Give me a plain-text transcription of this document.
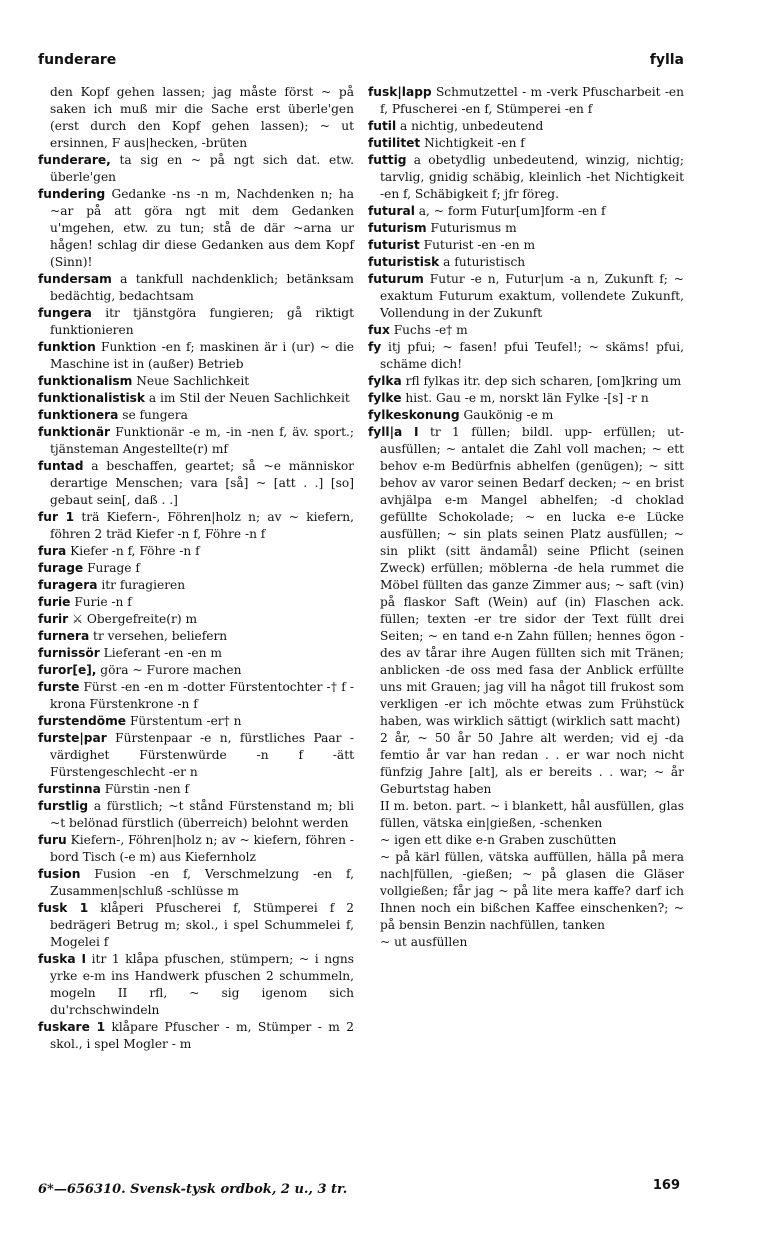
funderare	fylla

den Kopf gehen lassen; jag måste först ~ på saken ich muß mir die Sache erst überle'gen (erst durch den Kopf gehen lassen); ~ ut ersinnen, F aus|hecken, -brüten

funderare, ta sig en ~ på ngt sich dat. etw. überle'gen

fundering Gedanke -ns -n m, Nachdenken n; ha ~ar på att göra ngt mit dem Gedanken u'mgehen, etw. zu tun; stå de där ~arna ur hågen! schlag dir diese Gedanken aus dem Kopf (Sinn)!

fundersam a tankfull nachdenklich; betänksam bedächtig, bedachtsam

fungera itr tjänstgöra fungieren; gå riktigt funktionieren

funktion Funktion -en f; maskinen är i (ur) ~ die Maschine ist in (außer) Betrieb

funktionalism Neue Sachlichkeit

funktionalistisk a im Stil der Neuen Sachlichkeit

funktionera se fungera

funktionär Funktionär -e m, -in -nen f, äv. sport.; tjänsteman Angestellte(r) mf

funtad a beschaffen, geartet; så ~e människor derartige Menschen; vara [så] ~ [att . .] [so] gebaut sein[, daß . .]

fur 1 trä Kiefern-, Föhren|holz n; av ~ kiefern, föhren 2 träd Kiefer -n f, Föhre -n f

fura Kiefer -n f, Föhre -n f

furage Furage f

furagera itr furagieren

furie Furie -n f

furir ⚔ Obergefreite(r) m

furnera tr versehen, beliefern

furnissör Lieferant -en -en m

furor[e], göra ~ Furore machen

furste Fürst -en -en m -dotter Fürstentochter -† f -krona Fürstenkrone -n f

furstendöme Fürstentum -er† n

furste|par Fürstenpaar -e n, fürstliches Paar -värdighet Fürstenwürde -n f -ätt Fürstengeschlecht -er n

furstinna Fürstin -nen f

furstlig a fürstlich; ~t stånd Fürstenstand m; bli ~t belönad fürstlich (überreich) belohnt werden

furu Kiefern-, Föhren|holz n; av ~ kiefern, föhren -bord Tisch (-e m) aus Kiefernholz

fusion Fusion -en f, Verschmelzung -en f, Zusammen|schluß -schlüsse m

fusk 1 klåperi Pfuscherei f, Stümperei f 2 bedrägeri Betrug m; skol., i spel Schummelei f, Mogelei f

fuska I itr 1 klåpa pfuschen, stümpern; ~ i ngns yrke e-m ins Handwerk pfuschen 2 schummeln, mogeln II rfl, ~ sig igenom sich du'rchschwindeln

fuskare 1 klåpare Pfuscher - m, Stümper - m 2 skol., i spel Mogler - m

fusk|lapp Schmutzettel - m -verk Pfuscharbeit -en f, Pfuscherei -en f, Stümperei -en f

futil a nichtig, unbedeutend

futilitet Nichtigkeit -en f

futtig a obetydlig unbedeutend, winzig, nichtig; tarvlig, gnidig schäbig, kleinlich -het Nichtigkeit -en f, Schäbigkeit f; jfr föreg.

futural a, ~ form Futur[um]form -en f

futurism Futurismus m

futurist Futurist -en -en m

futuristisk a futuristisch

futurum Futur -e n, Futur|um -a n, Zukunft f; ~ exaktum Futurum exaktum, vollendete Zukunft, Vollendung in der Zukunft

fux Fuchs -e† m

fy itj pfui; ~ fasen! pfui Teufel!; ~ skäms! pfui, schäme dich!

fylka rfl fylkas itr. dep sich scharen, [om]kring um

fylke hist. Gau -e m, norskt län Fylke -[s] -r n

fylkeskonung Gaukönig -e m

fyll|a I tr 1 füllen; bildl. upp- erfüllen; ut- ausfüllen; ~ antalet die Zahl voll machen; ~ ett behov e-m Bedürfnis abhelfen (genügen); ~ sitt behov av varor seinen Bedarf decken; ~ en brist avhjälpa e-m Mangel abhelfen; -d choklad gefüllte Schokolade; ~ en lucka e-e Lücke ausfüllen; ~ sin plats seinen Platz ausfüllen; ~ sin plikt (sitt ändamål) seine Pflicht (seinen Zweck) erfüllen; möblerna -de hela rummet die Möbel füllten das ganze Zimmer aus; ~ saft (vin) på flaskor Saft (Wein) auf (in) Flaschen ack. füllen; texten -er tre sidor der Text füllt drei Seiten; ~ en tand e-n Zahn füllen; hennes ögon -des av tårar ihre Augen füllten sich mit Tränen; anblicken -de oss med fasa der Anblick erfüllte uns mit Grauen; jag vill ha något till frukost som verkligen -er ich möchte etwas zum Frühstück haben, was wirklich sättigt (wirklich satt macht)

2 år, ~ 50 år 50 Jahre alt werden; vid ej -da femtio år var han redan . . er war noch nicht fünfzig Jahre [alt], als er bereits . . war; ~ år Geburtstag haben

II m. beton. part. ~ i blankett, hål ausfüllen, glas füllen, vätska ein|gießen, -schenken

~ igen ett dike e-n Graben zuschütten

~ på kärl füllen, vätska auffüllen, hälla på mera nach|füllen, -gießen; ~ på glasen die Gläser vollgießen; får jag ~ på lite mera kaffe? darf ich Ihnen noch ein bißchen Kaffee einschenken?; ~ på bensin Benzin nachfüllen, tanken

~ ut ausfüllen

6*—656310. Svensk-tysk ordbok, 2 u., 3 tr.	169
